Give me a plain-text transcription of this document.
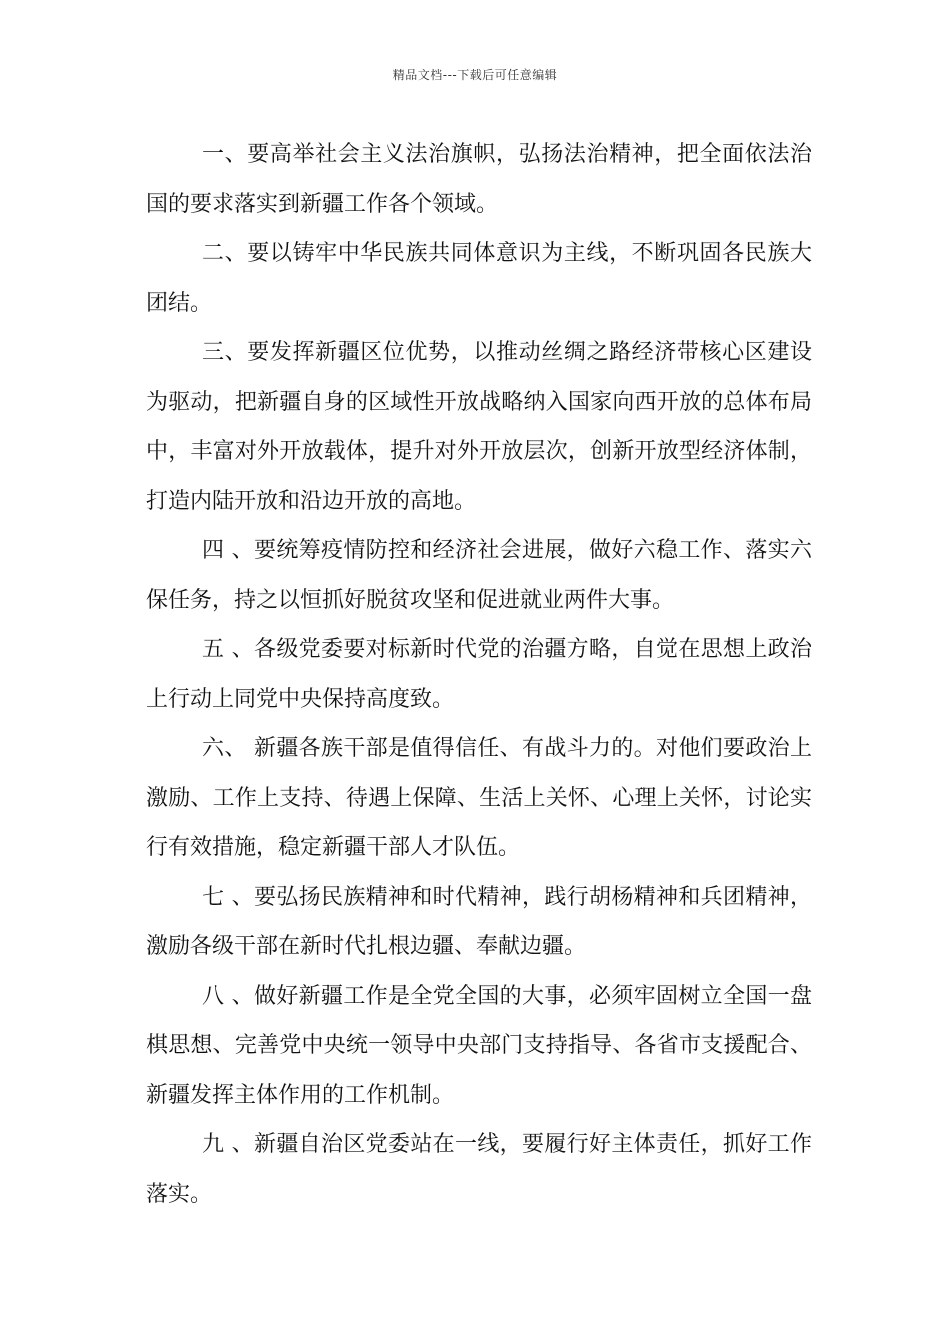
精品文档---下载后可任意编辑

一、要高举社会主义法治旗帜，弘扬法治精神，把全面依法治国的要求落实到新疆工作各个领域。

二、要以铸牢中华民族共同体意识为主线，不断巩固各民族大团结。

三、要发挥新疆区位优势，以推动丝绸之路经济带核心区建设为驱动，把新疆自身的区域性开放战略纳入国家向西开放的总体布局中，丰富对外开放载体，提升对外开放层次，创新开放型经济体制，打造内陆开放和沿边开放的高地。

四 、要统筹疫情防控和经济社会进展，做好六稳工作、落实六保任务，持之以恒抓好脱贫攻坚和促进就业两件大事。

五 、各级党委要对标新时代党的治疆方略，自觉在思想上政治上行动上同党中央保持高度致。

六、 新疆各族干部是值得信任、有战斗力的。对他们要政治上激励、工作上支持、待遇上保障、生活上关怀、心理上关怀，讨论实行有效措施，稳定新疆干部人才队伍。

七 、要弘扬民族精神和时代精神，践行胡杨精神和兵团精神，激励各级干部在新时代扎根边疆、奉献边疆。

八 、做好新疆工作是全党全国的大事，必须牢固树立全国一盘棋思想、完善党中央统一领导中央部门支持指导、各省市支援配合、新疆发挥主体作用的工作机制。

九 、新疆自治区党委站在一线，要履行好主体责任，抓好工作落实。
